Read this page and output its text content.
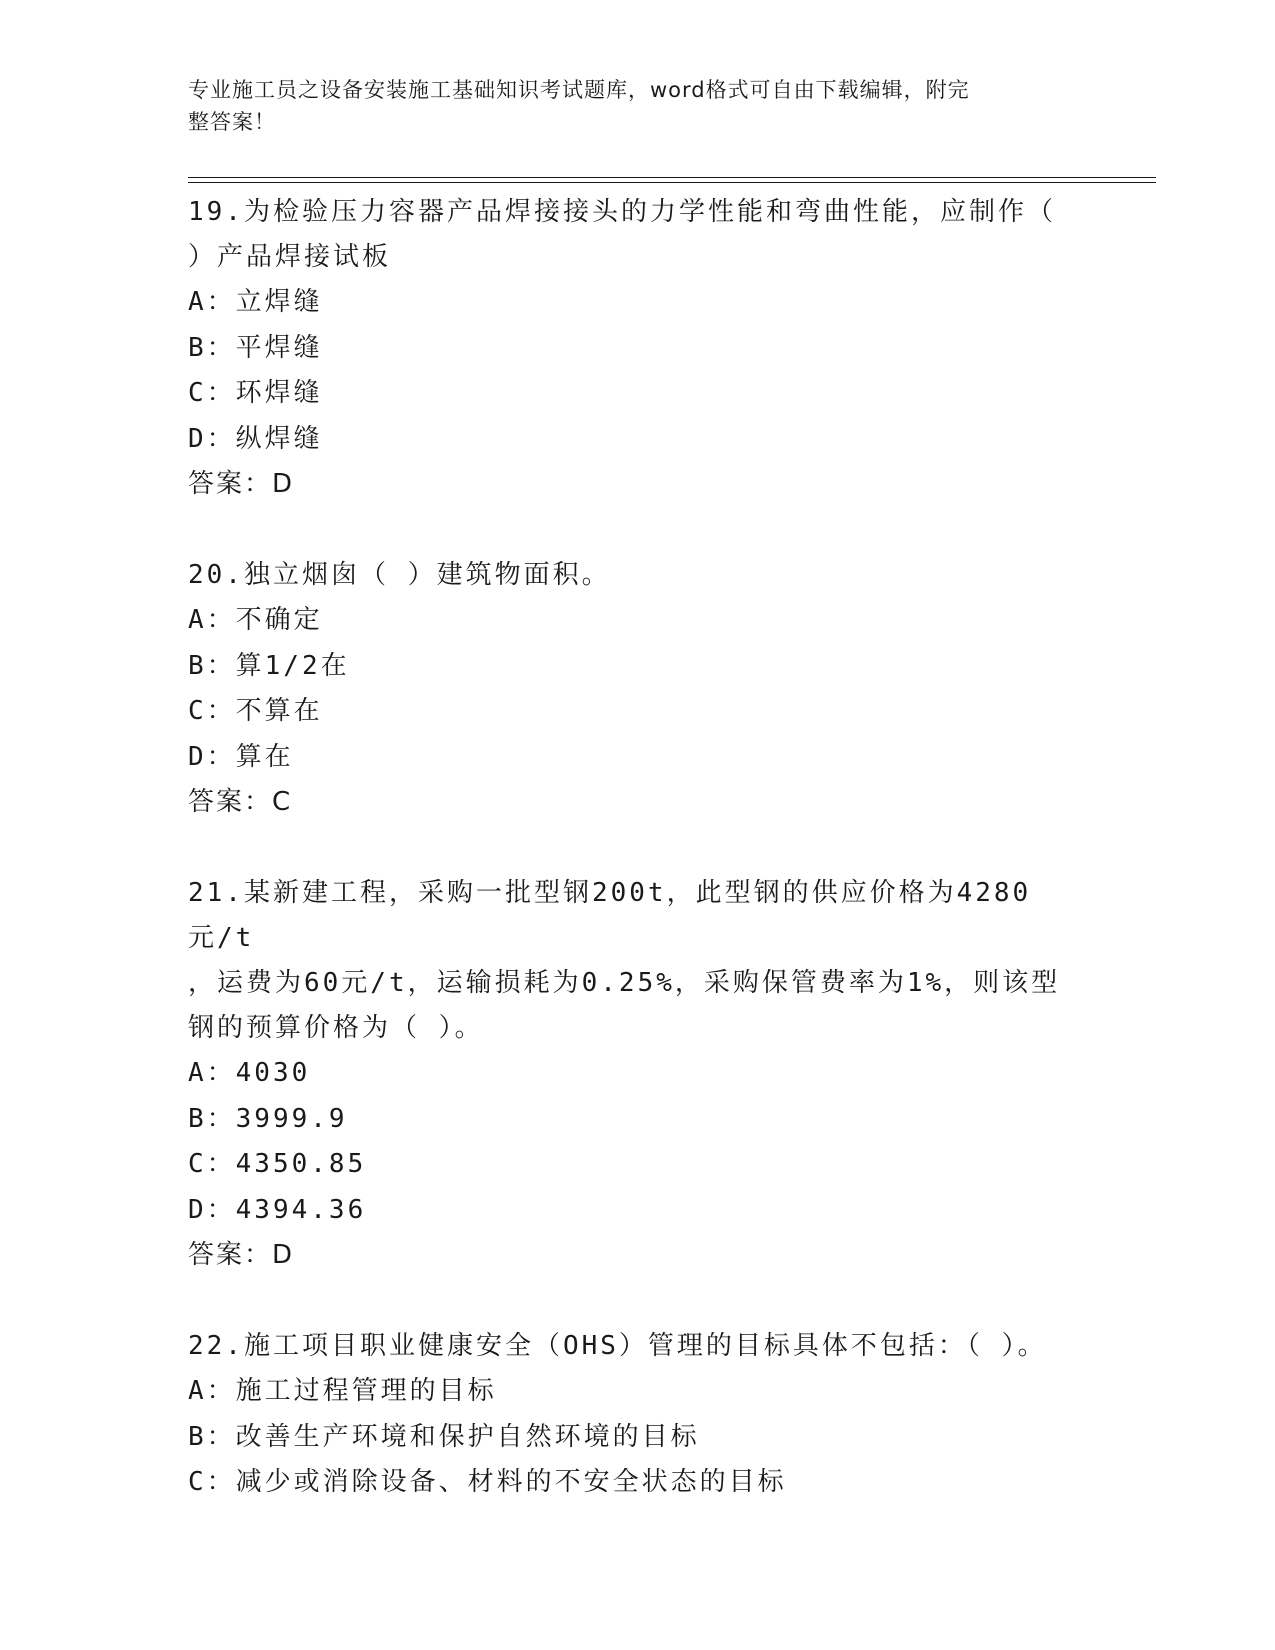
专业施工员之设备安装施工基础知识考试题库，word格式可自由下载编辑，附完
整答案！

19.为检验压力容器产品焊接接头的力学性能和弯曲性能，应制作（

）产品焊接试板

A：立焊缝

B：平焊缝

C：环焊缝

D：纵焊缝

答案：D

20.独立烟囱（ ）建筑物面积。

A：不确定

B：算1/2在

C：不算在

D：算在

答案：C

21.某新建工程，采购一批型钢200t，此型钢的供应价格为4280元/t

，运费为60元/t，运输损耗为0.25%，采购保管费率为1%，则该型

钢的预算价格为（ ）。

A：4030

B：3999.9

C：4350.85

D：4394.36

答案：D

22.施工项目职业健康安全（OHS）管理的目标具体不包括：（ ）。

A：施工过程管理的目标

B：改善生产环境和保护自然环境的目标

C：减少或消除设备、材料的不安全状态的目标
